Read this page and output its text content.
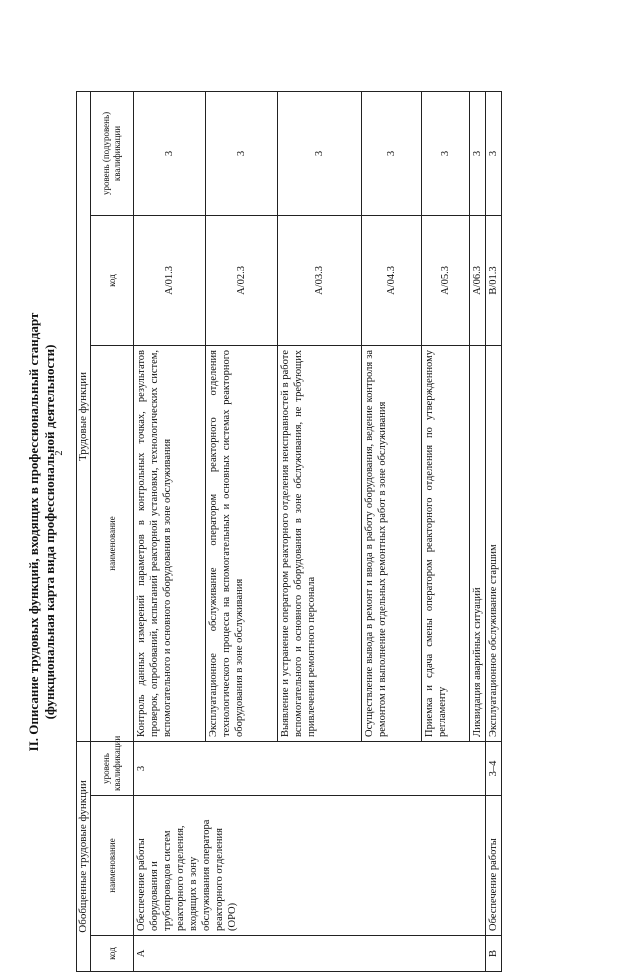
2
II. Описание трудовых функций, входящих в профессиональный стандарт (функциональная карта вида профессиональной деятельности)
Обобщенные трудовые функции			Трудовые функции		
код	наименование	уровень квалификации	наименование	код	уровень (подуровень) квалификации
A	Обеспечение работы оборудования и трубопроводов систем реакторного отделения, входящих в зону обслуживания оператора реакторного отделения (ОРО)	3	Контроль данных измерений параметров в контрольных точках, результатов проверок, опробований, испытаний реакторной установки, технологических систем, вспомогательного и основного оборудования в зоне обслуживания	A/01.3	3
			Эксплуатационное обслуживание оператором реакторного отделения технологического процесса на вспомогательных и основных системах реакторного оборудования в зоне обслуживания	A/02.3	3
			Выявление и устранение оператором реакторного отделения неисправностей в работе вспомогательного и основного оборудования в зоне обслуживания, не требующих привлечения ремонтного персонала	A/03.3	3
			Осуществление вывода в ремонт и ввода в работу оборудования, ведение контроля за ремонтом и выполнение отдельных ремонтных работ в зоне обслуживания	A/04.3	3
			Приемка и сдача смены оператором реакторного отделения по утвержденному регламенту	A/05.3	3
			Ликвидация аварийных ситуаций	A/06.3	3
B	Обеспечение работы	3–4	Эксплуатационное обслуживание старшим	B/01.3	3
